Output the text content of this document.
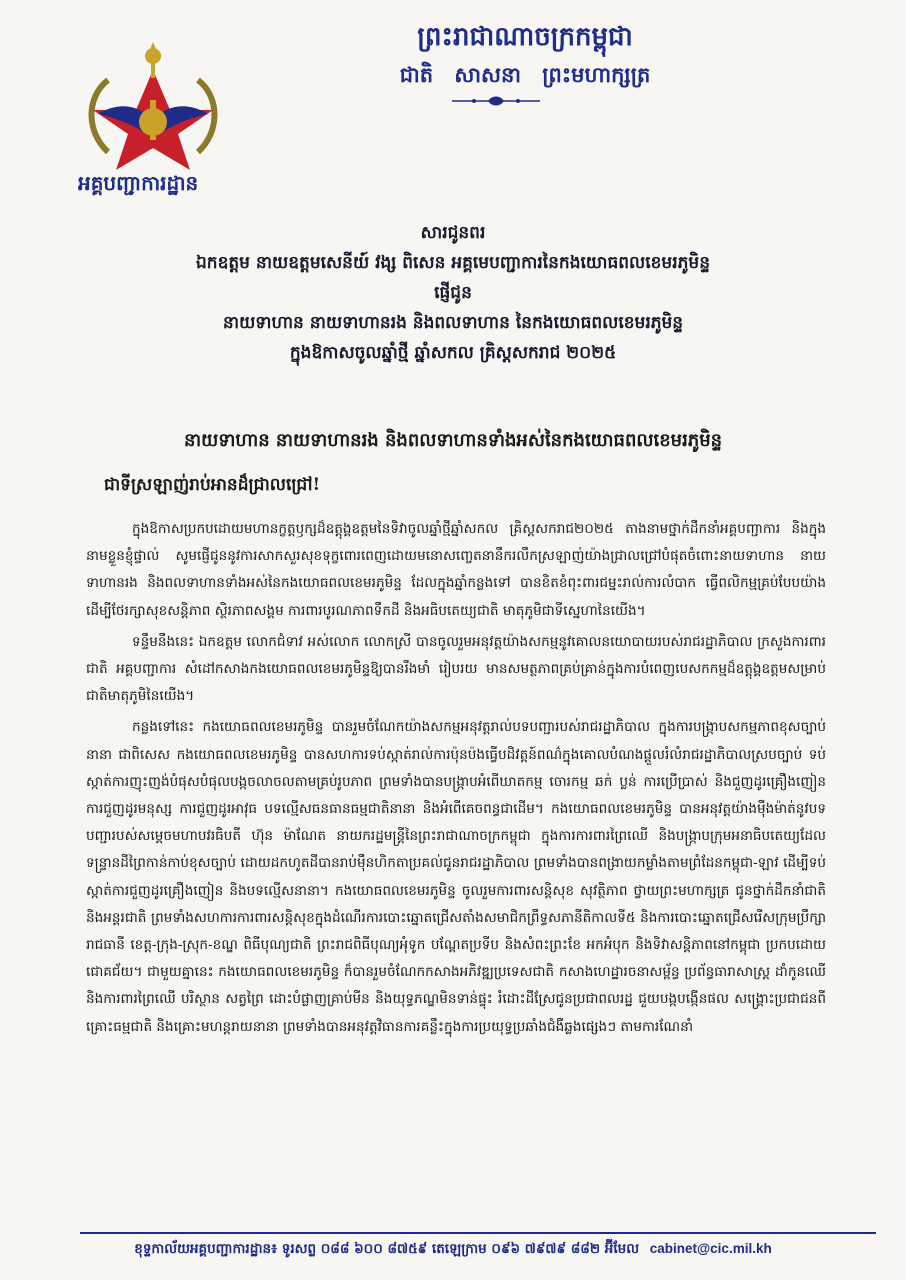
អគ្គបញ្ជាការដ្ឋាន
ព្រះរាជាណាចក្រកម្ពុជា
ជាតិ សាសនា ព្រះមហាក្សត្រ
សារជូនពរ
ឯកឧត្តម នាយឧត្តមសេនីយ៍ វង្ស ពិសេន អគ្គមេបញ្ជាការនៃកងយោធពលខេមរភូមិន្ទ
ផ្ញើជូន
នាយទាហាន នាយទាហានរង និងពលទាហាន នៃកងយោធពលខេមរភូមិន្ទ
ក្នុងឱកាសចូលឆ្នាំថ្មី ឆ្នាំសកល គ្រិស្តសករាជ ២០២៥
នាយទាហាន នាយទាហានរង និងពលទាហានទាំងអស់នៃកងយោធពលខេមរភូមិន្ទ
ជាទីស្រឡាញ់រាប់អានដ៏ជ្រាលជ្រៅ!

ក្នុងឱកាសប្រកបដោយមហានក្ខត្តឫក្សដ៏ឧត្តុង្គឧត្តមនៃទិវាចូលឆ្នាំថ្មីឆ្នាំសកល គ្រិស្តសករាជ២០២៥ តាងនាមថ្នាក់ដឹកនាំអគ្គបញ្ជាការ និងក្នុងនាមខ្លួនខ្ញុំផ្ទាល់ សូមផ្ញើជូននូវការសាកសួរសុខទុក្ខពោរពេញដោយមនោសញ្ចេតនានឹករលឹកស្រឡាញ់យ៉ាងជ្រាលជ្រៅបំផុតចំពោះនាយទាហាន នាយទាហានរង និងពលទាហានទាំងអស់នៃកងយោធពលខេមរភូមិន្ទ ដែលក្នុងឆ្នាំកន្លងទៅ បានខិតខំពុះពារជម្នះរាល់ការលំបាក ធ្វើពលិកម្មគ្រប់បែបយ៉ាង ដើម្បីថែរក្សាសុខសន្តិភាព ស្ថិរភាពសង្គម ការពារបូរណភាពទឹកដី និងអធិបតេយ្យជាតិ មាតុភូមិជាទីស្នេហានៃយើង។

ទន្ទឹមនឹងនេះ ឯកឧត្តម លោកជំទាវ អស់លោក លោកស្រី បានចូលរួមអនុវត្តយ៉ាងសកម្មនូវគោលនយោបាយរបស់រាជរដ្ឋាភិបាល ក្រសួងការពារជាតិ អគ្គបញ្ជាការ សំដៅកសាងកងយោធពលខេមរភូមិន្ទឱ្យបានរឹងមាំ រៀបរយ មានសមត្ថភាពគ្រប់គ្រាន់ក្នុងការបំពេញបេសកកម្មដ៏ឧត្តុង្គឧត្តមសម្រាប់ជាតិមាតុភូមិនៃយើង។

កន្លងទៅនេះ កងយោធពលខេមរភូមិន្ទ បានរួមចំណែកយ៉ាងសកម្មអនុវត្តរាល់បទបញ្ជារបស់រាជរដ្ឋាភិបាល ក្នុងការបង្ក្រាបសកម្មភាពខុសច្បាប់នានា ជាពិសេស កងយោធពលខេមរភូមិន្ទ បានសហការទប់ស្កាត់រាល់ការប៉ុនប៉ងធ្វើបដិវត្តន៍ពណ៌ក្នុងគោលបំណងផ្តួលរំលំរាជរដ្ឋាភិបាលស្របច្បាប់ ទប់ស្កាត់ការញុះញង់បំផុសបំផុលបង្កចលាចលតាមគ្រប់រូបភាព ព្រមទាំងបានបង្ក្រាបអំពើឃាតកម្ម ចោរកម្ម ឆក់ ប្លន់ ការប្រើប្រាស់ និងជួញដូរគ្រឿងញៀន ការជួញដូរមនុស្ស ការជួញដូរអាវុធ បទល្មើសធនធានធម្មជាតិនានា និងអំពើគេចពន្ធជាដើម។ កងយោធពលខេមរភូមិន្ទ បានអនុវត្តយ៉ាងម៉ឺងម៉ាត់នូវបទបញ្ជារបស់សម្តេចមហាបវរធិបតី ហ៊ុន ម៉ាណែត នាយករដ្ឋមន្ត្រីនៃព្រះរាជាណាចក្រកម្ពុជា ក្នុងការការពារព្រៃឈើ និងបង្ក្រាបក្រុមអនាធិបតេយ្យដែលទន្ទ្រានដីព្រៃកាន់កាប់ខុសច្បាប់ ដោយដកហូតដីបានរាប់ម៉ឺនហិកតាប្រគល់ជូនរាជរដ្ឋាភិបាល ព្រមទាំងបានពង្រាយកម្លាំងតាមព្រំដែនកម្ពុជា-ឡាវ ដើម្បីទប់ស្កាត់ការជួញដូរគ្រឿងញៀន និងបទល្មើសនានា។ កងយោធពលខេមរភូមិន្ទ ចូលរួមការពារសន្តិសុខ សុវត្ថិភាព ថ្វាយព្រះមហាក្សត្រ ជូនថ្នាក់ដឹកនាំជាតិនិងអន្តរជាតិ ព្រមទាំងសហការការពារសន្តិសុខក្នុងដំណើរការបោះឆ្នោតជ្រើសតាំងសមាជិកព្រឹទ្ធសភានីតិកាលទី៥ និងការបោះឆ្នោតជ្រើសរើសក្រុមប្រឹក្សារាជធានី ខេត្ត-ក្រុង-ស្រុក-ខណ្ឌ ពិធីបុណ្យជាតិ ព្រះរាជពិធីបុណ្យអុំទូក បណ្តែតប្រទីប និងសំពះព្រះខែ អកអំបុក និងទិវាសន្តិភាពនៅកម្ពុជា ប្រកបដោយជោគជ័យ។ ជាមួយគ្នានេះ កងយោធពលខេមរភូមិន្ទ ក៏បានរួមចំណែកកសាងអភិវឌ្ឍប្រទេសជាតិ កសាងហេដ្ឋារចនាសម្ព័ន្ធ ប្រព័ន្ធធារាសាស្ត្រ ដាំកូនឈើ និងការពារព្រៃឈើ បរិស្ថាន សត្វព្រៃ ដោះបំផ្លាញគ្រាប់មីន និងយុទ្ធភណ្ឌមិនទាន់ផ្ទុះ រំដោះដីស្រែជូនប្រជាពលរដ្ឋ ជួយបង្កបង្កើនផល សង្គ្រោះប្រជាជនពីគ្រោះធម្មជាតិ និងគ្រោះមហន្តរាយនានា ព្រមទាំងបានអនុវត្តវិធានការគន្លឹះក្នុងការប្រយុទ្ធប្រឆាំងជំងឺឆ្លងផ្សេងៗ តាមការណែនាំ

ខុទ្ទកាល័យអគ្គបញ្ជាការដ្ឋាន៖ ទូរសព្ទ ០៨៨ ៦០០ ៨៧៥៩ តេឡេក្រាម ០៩៦ ៧៩៧៩ ៨៨២ អ៊ីមែល cabinet@cic.mil.kh
